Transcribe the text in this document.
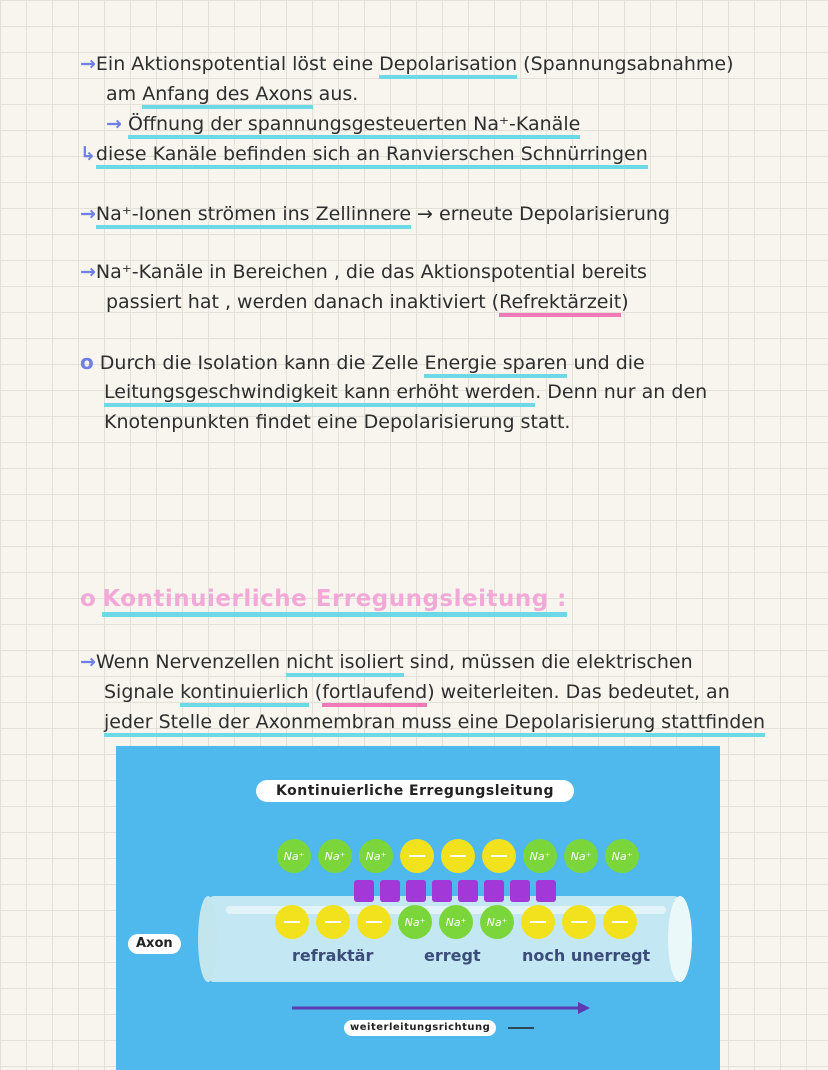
→Ein Aktionspotential löst eine Depolarisation (Spannungsabnahme)
am Anfang des Axons aus.
→ Öffnung der spannungsgesteuerten Na⁺-Kanäle
↳diese Kanäle befinden sich an Ranvierschen Schnürringen
→Na⁺-Ionen strömen ins Zellinnere → erneute Depolarisierung
→Na⁺-Kanäle in Bereichen , die das Aktionspotential bereits
passiert hat , werden danach inaktiviert (Refrektärzeit)
o Durch die Isolation kann die Zelle Energie sparen und die
Leitungsgeschwindigkeit kann erhöht werden. Denn nur an den
Knotenpunkten findet eine Depolarisierung statt.
o Kontinuierliche Erregungsleitung :
→Wenn Nervenzellen nicht isoliert sind, müssen die elektrischen
Signale kontinuierlich (fortlaufend) weiterleiten. Das bedeutet, an
jeder Stelle der Axonmembran muss eine Depolarisierung stattfinden
Na⁺ Na⁺ Na⁺	Na⁺ Na⁺ Na⁺
Na⁺ Na⁺ Na⁺
Kontinuierliche Erregungsleitung
Axon
refraktär	erregt	noch unerregt
weiterleitungsrichtung
